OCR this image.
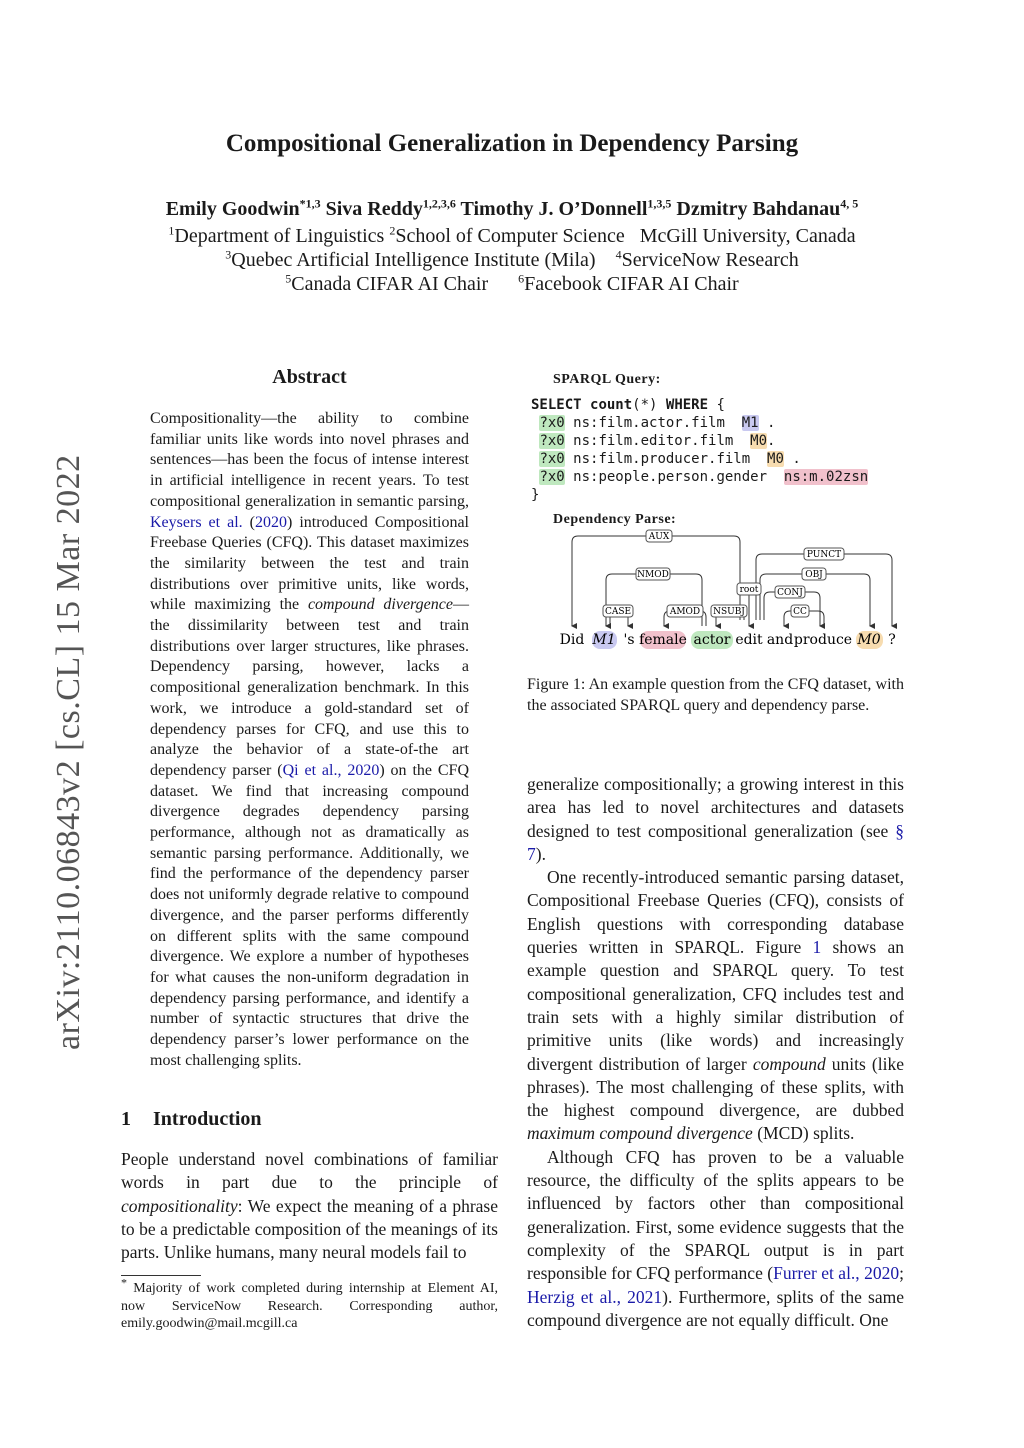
arXiv:2110.06843v2 [cs.CL] 15 Mar 2022
Compositional Generalization in Dependency Parsing
Emily Goodwin$^{*1,3}$ Siva Reddy$^{1,2,3,6}$ Timothy J. O’Donnell$^{1,3,5}$ Dzmitry Bahdanau$^{4, 5}$
$^1$Department of Linguistics $^2$School of Computer Science   McGill University, Canada
$^3$Quebec Artificial Intelligence Institute (Mila)    $^4$ServiceNow Research
$^5$Canada CIFAR AI Chair      $^6$Facebook CIFAR AI Chair
Abstract
Compositionality—the ability to combine familiar units like words into novel phrases and sentences—has been the focus of intense interest in artificial intelligence in recent years. To test compositional generalization in semantic parsing, Keysers et al. (2020) introduced Compositional Freebase Queries (CFQ). This dataset maximizes the similarity between the test and train distributions over primitive units, like words, while maximizing the compound divergence—the dissimilarity between test and train distributions over larger structures, like phrases. Dependency parsing, however, lacks a compositional generalization benchmark. In this work, we introduce a gold-standard set of dependency parses for CFQ, and use this to analyze the behavior of a state-of-the art dependency parser (Qi et al., 2020) on the CFQ dataset. We find that increasing compound divergence degrades dependency parsing performance, although not as dramatically as semantic parsing performance. Additionally, we find the performance of the dependency parser does not uniformly degrade relative to compound divergence, and the parser performs differently on different splits with the same compound divergence. We explore a number of hypotheses for what causes the non-uniform degradation in dependency parsing performance, and identify a number of syntactic structures that drive the dependency parser’s lower performance on the most challenging splits.
1 Introduction
People understand novel combinations of familiar words in part due to the principle of compositionality: We expect the meaning of a phrase to be a predictable composition of the meanings of its parts. Unlike humans, many neural models fail to
* Majority of work completed during internship at Element AI, now ServiceNow Research. Corresponding author, emily.goodwin@mail.mcgill.ca
SPARQL Query:
SELECT count(*) WHERE {
?x0 ns:film.actor.film  M1 .
?x0 ns:film.editor.film  M0.
?x0 ns:film.producer.film  M0 .
?x0 ns:people.person.gender  ns:m.02zsn
}
Dependency Parse:
Did M1 's female actor edit and produce M0 ?
AUX
NMOD
CASE	AMOD NSUBJ
root CONJ
CC
OBJ
PUNCT
Figure 1: An example question from the CFQ dataset, with the associated SPARQL query and dependency parse.

generalize compositionally; a growing interest in this area has led to novel architectures and datasets designed to test compositional generalization (see § 7).

One recently-introduced semantic parsing dataset, Compositional Freebase Queries (CFQ), consists of English questions with corresponding database queries written in SPARQL. Figure 1 shows an example question and SPARQL query. To test compositional generalization, CFQ includes test and train sets with a highly similar distribution of primitive units (like words) and increasingly divergent distribution of larger compound units (like phrases). The most challenging of these splits, with the highest compound divergence, are dubbed maximum compound divergence (MCD) splits.

Although CFQ has proven to be a valuable resource, the difficulty of the splits appears to be influenced by factors other than compositional generalization. First, some evidence suggests that the complexity of the SPARQL output is in part responsible for CFQ performance (Furrer et al., 2020; Herzig et al., 2021). Furthermore, splits of the same compound divergence are not equally difficult. One
